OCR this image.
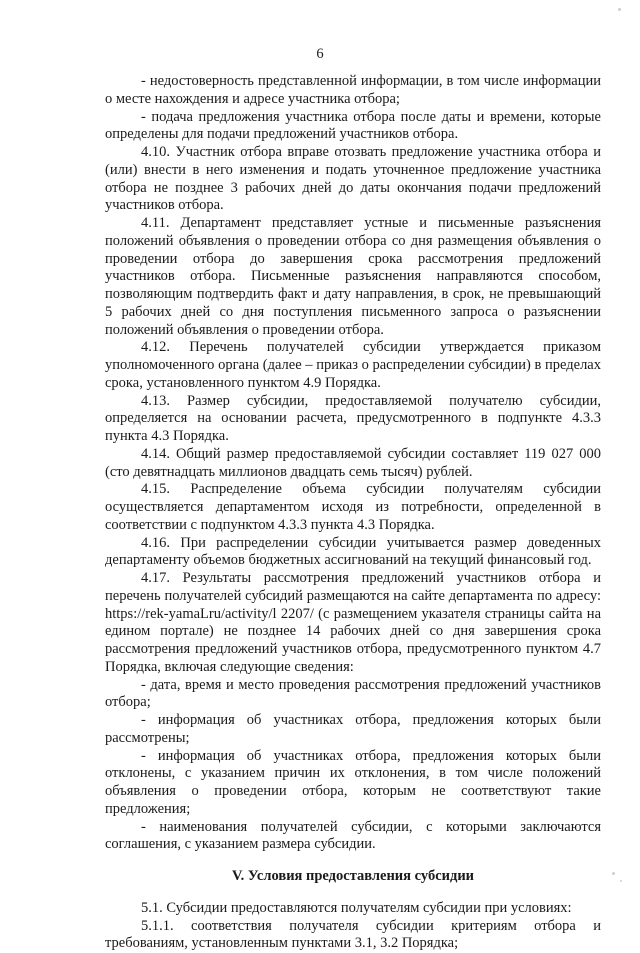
6

- недостоверность представленной информации, в том числе информации о месте нахождения и адресе участника отбора;

- подача предложения участника отбора после даты и времени, которые определены для подачи предложений участников отбора.

4.10. Участник отбора вправе отозвать предложение участника отбора и (или) внести в него изменения и подать уточненное предложение участника отбора не позднее 3 рабочих дней до даты окончания подачи предложений участников отбора.

4.11. Департамент представляет устные и письменные разъяснения положений объявления о проведении отбора со дня размещения объявления о проведении отбора до завершения срока рассмотрения предложений участников отбора. Письменные разъяснения направляются способом, позволяющим подтвердить факт и дату направления, в срок, не превышающий 5 рабочих дней со дня поступления письменного запроса о разъяснении положений объявления о проведении отбора.

4.12. Перечень получателей субсидии утверждается приказом уполномоченного органа (далее – приказ о распределении субсидии) в пределах срока, установленного пунктом 4.9 Порядка.

4.13. Размер субсидии, предоставляемой получателю субсидии, определяется на основании расчета, предусмотренного в подпункте 4.3.3 пункта 4.3 Порядка.

4.14. Общий размер предоставляемой субсидии составляет 119 027 000 (сто девятнадцать миллионов двадцать семь тысяч) рублей.

4.15. Распределение объема субсидии получателям субсидии осуществляется департаментом исходя из потребности, определенной в соответствии с подпунктом 4.3.3 пункта 4.3 Порядка.

4.16. При распределении субсидии учитывается размер доведенных департаменту объемов бюджетных ассигнований на текущий финансовый год.

4.17. Результаты рассмотрения предложений участников отбора и перечень получателей субсидий размещаются на сайте департамента по адресу: https://rek-yamaLru/activity/l 2207/ (с размещением указателя страницы сайта на едином портале) не позднее 14 рабочих дней со дня завершения срока рассмотрения предложений участников отбора, предусмотренного пунктом 4.7 Порядка, включая следующие сведения:

- дата, время и место проведения рассмотрения предложений участников отбора;

- информация об участниках отбора, предложения которых были рассмотрены;

- информация об участниках отбора, предложения которых были отклонены, с указанием причин их отклонения, в том числе положений объявления о проведении отбора, которым не соответствуют такие предложения;

- наименования получателей субсидии, с которыми заключаются соглашения, с указанием размера субсидии.

V. Условия предоставления субсидии

5.1. Субсидии предоставляются получателям субсидии при условиях:

5.1.1. соответствия получателя субсидии критериям отбора и требованиям, установленным пунктами 3.1, 3.2 Порядка;
